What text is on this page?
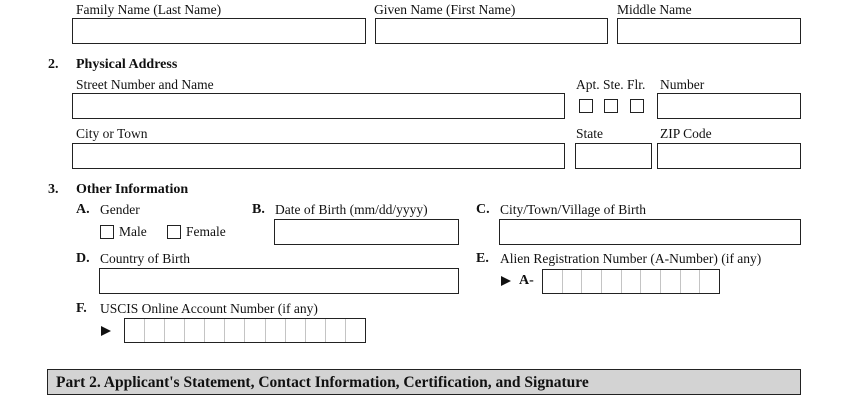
Family Name (Last Name)	Given Name (First Name)	Middle Name
2. Physical Address
Street Number and Name	Apt. Ste. Flr. Number
City or Town	State	ZIP Code
3. Other Information
A. Gender
Male	Female
B. Date of Birth (mm/dd/yyyy)	C. City/Town/Village of Birth
D. Country of Birth	E. Alien Registration Number (A-Number) (if any)
A-
F. USCIS Online Account Number (if any)
Part 2. Applicant's Statement, Contact Information, Certification, and Signature
